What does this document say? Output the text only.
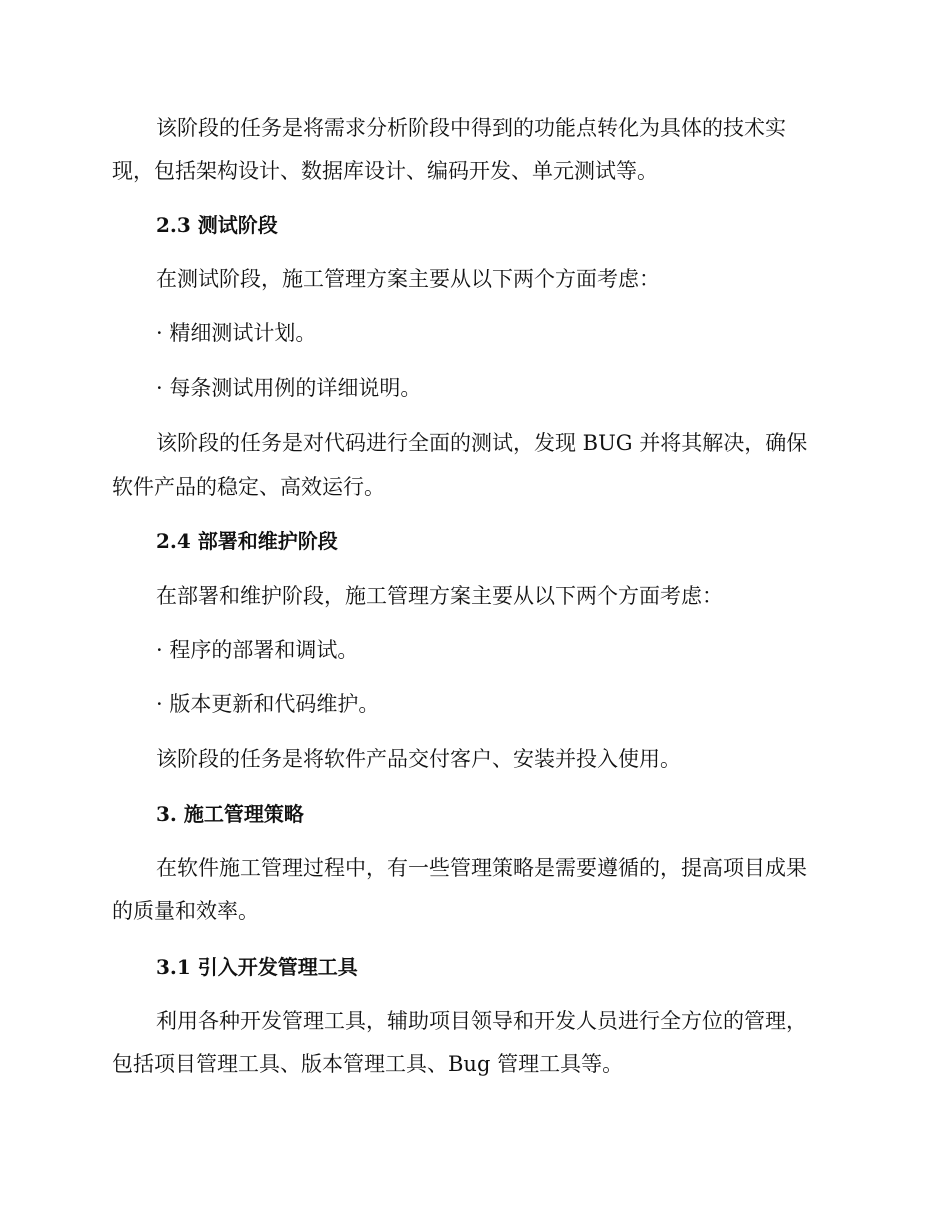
该阶段的任务是将需求分析阶段中得到的功能点转化为具体的技术实
现，包括架构设计、数据库设计、编码开发、单元测试等。
2.3 测试阶段
在测试阶段，施工管理方案主要从以下两个方面考虑：
· 精细测试计划。
· 每条测试用例的详细说明。
该阶段的任务是对代码进行全面的测试，发现 BUG 并将其解决，确保
软件产品的稳定、高效运行。
2.4 部署和维护阶段
在部署和维护阶段，施工管理方案主要从以下两个方面考虑：
· 程序的部署和调试。
· 版本更新和代码维护。
该阶段的任务是将软件产品交付客户、安装并投入使用。
3. 施工管理策略
在软件施工管理过程中，有一些管理策略是需要遵循的，提高项目成果
的质量和效率。
3.1 引入开发管理工具
利用各种开发管理工具，辅助项目领导和开发人员进行全方位的管理，
包括项目管理工具、版本管理工具、Bug 管理工具等。
